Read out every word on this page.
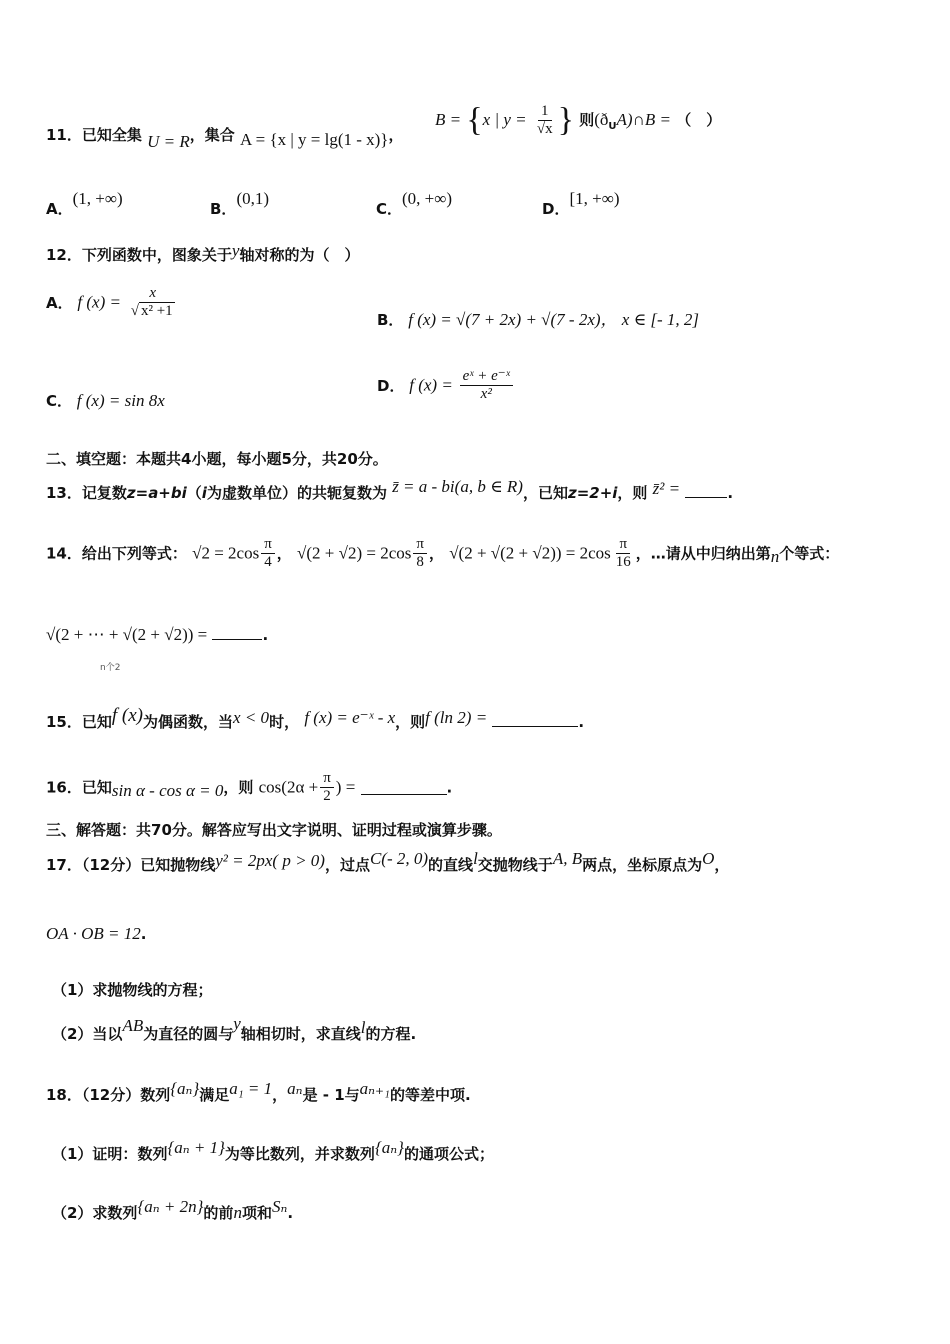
11．已知全集 U = R，集合 A = {x | y = lg(1 - x)}，
B = {x | $y = \frac{1}{√x}$ } 则$(ð_UA)\cap B$ = （　）
A．(1, +∞)
B．(0,1)
C．(0, +∞)
D．[1, +∞)
12．下列函数中，图象关于y轴对称的为（　）
A． f $(x) = \frac{x}{\text{√ x² +1}}$	B． f (x) = √(7 + 2x) + √(7 - 2x)， x ∈ [- 1, 2]
C． f (x) = sin 8x
D． f $(x) = \frac{\text{eˣ + e⁻ˣ}}{\text{x²}}$
二、填空题：本题共4小题，每小题5分，共20分。
13．记复数z=a+bi（i为虚数单位）的共轭复数为 z̄ = a - bi(a, b ∈ R)，已知z=2+i，则 z̄² =	.
14．给出下列等式： $√2 = 2\cos \frac{\pi}{4}$ ， $√(2 + √2) = 2\cos \frac{\pi}{8}$ ， $√(2 + √(2 + √2)) = 2\cos \frac{\pi}{16}$ ，…请从中归纳出第n个等式：
√(2 + ⋯ + √(2 + √2)) =	.
n个2
15．已知f (x)为偶函数，当x < 0时， f (x) = e⁻ˣ - x，则f (ln 2) =	.
16．已知sin α - cos α = 0，则 $\cos(2\alpha + \frac{\pi}{2}$ ) =	.
三、解答题：共70分。解答应写出文字说明、证明过程或演算步骤。
17．（12分）已知抛物线y² = 2px( p > 0)，过点C(- 2, 0)的直线l交抛物线于A, B两点，坐标原点为O，
OA · OB = 12.
（1）求抛物线的方程；
（2）当以AB为直径的圆与y轴相切时，求直线l的方程.
18．（12分）数列{aₙ}满足a₁ = 1，aₙ是 - 1与aₙ₊₁的等差中项.
（1）证明：数列{aₙ + 1}为等比数列，并求数列{aₙ}的通项公式；
（2）求数列{aₙ + 2n}的前n项和Sₙ.
